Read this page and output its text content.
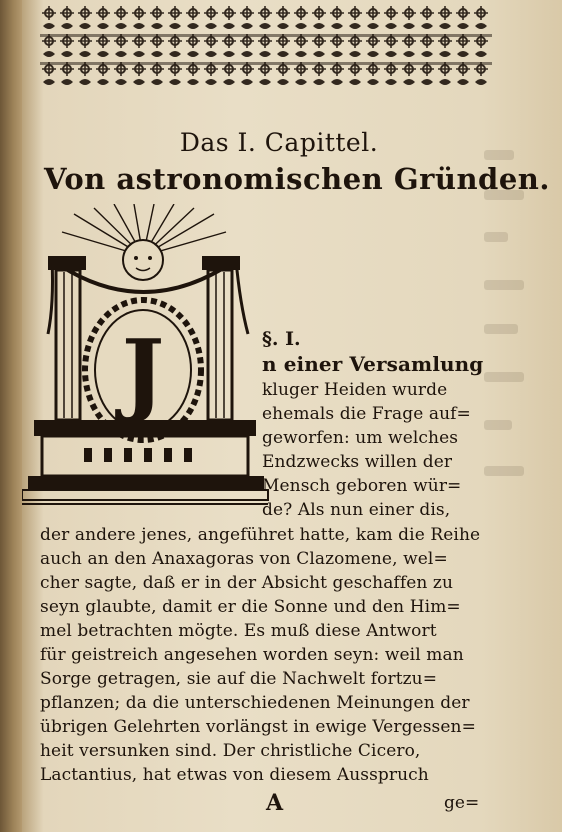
Das I. Capittel.
Von astronomischen Gründen.
J	§. I.
n einer Versamlung
kluger Heiden wurde
ehemals die Frage auf=
geworfen: um welches
Endzwecks willen der
Mensch geboren wür=
de? Als nun einer dis,
der andere jenes, angeführet hatte, kam die Reihe
auch an den Anaxagoras von Clazomene, wel=
cher sagte, daß er in der Absicht geschaffen zu
seyn glaubte, damit er die Sonne und den Him=
mel betrachten mögte. Es muß diese Antwort
für geistreich angesehen worden seyn: weil man
Sorge getragen, sie auf die Nachwelt fortzu=
pflanzen; da die unterschiedenen Meinungen der
übrigen Gelehrten vorlängst in ewige Vergessen=
heit versunken sind. Der christliche Cicero,
Lactantius, hat etwas von diesem Ausspruch
A	ge=
